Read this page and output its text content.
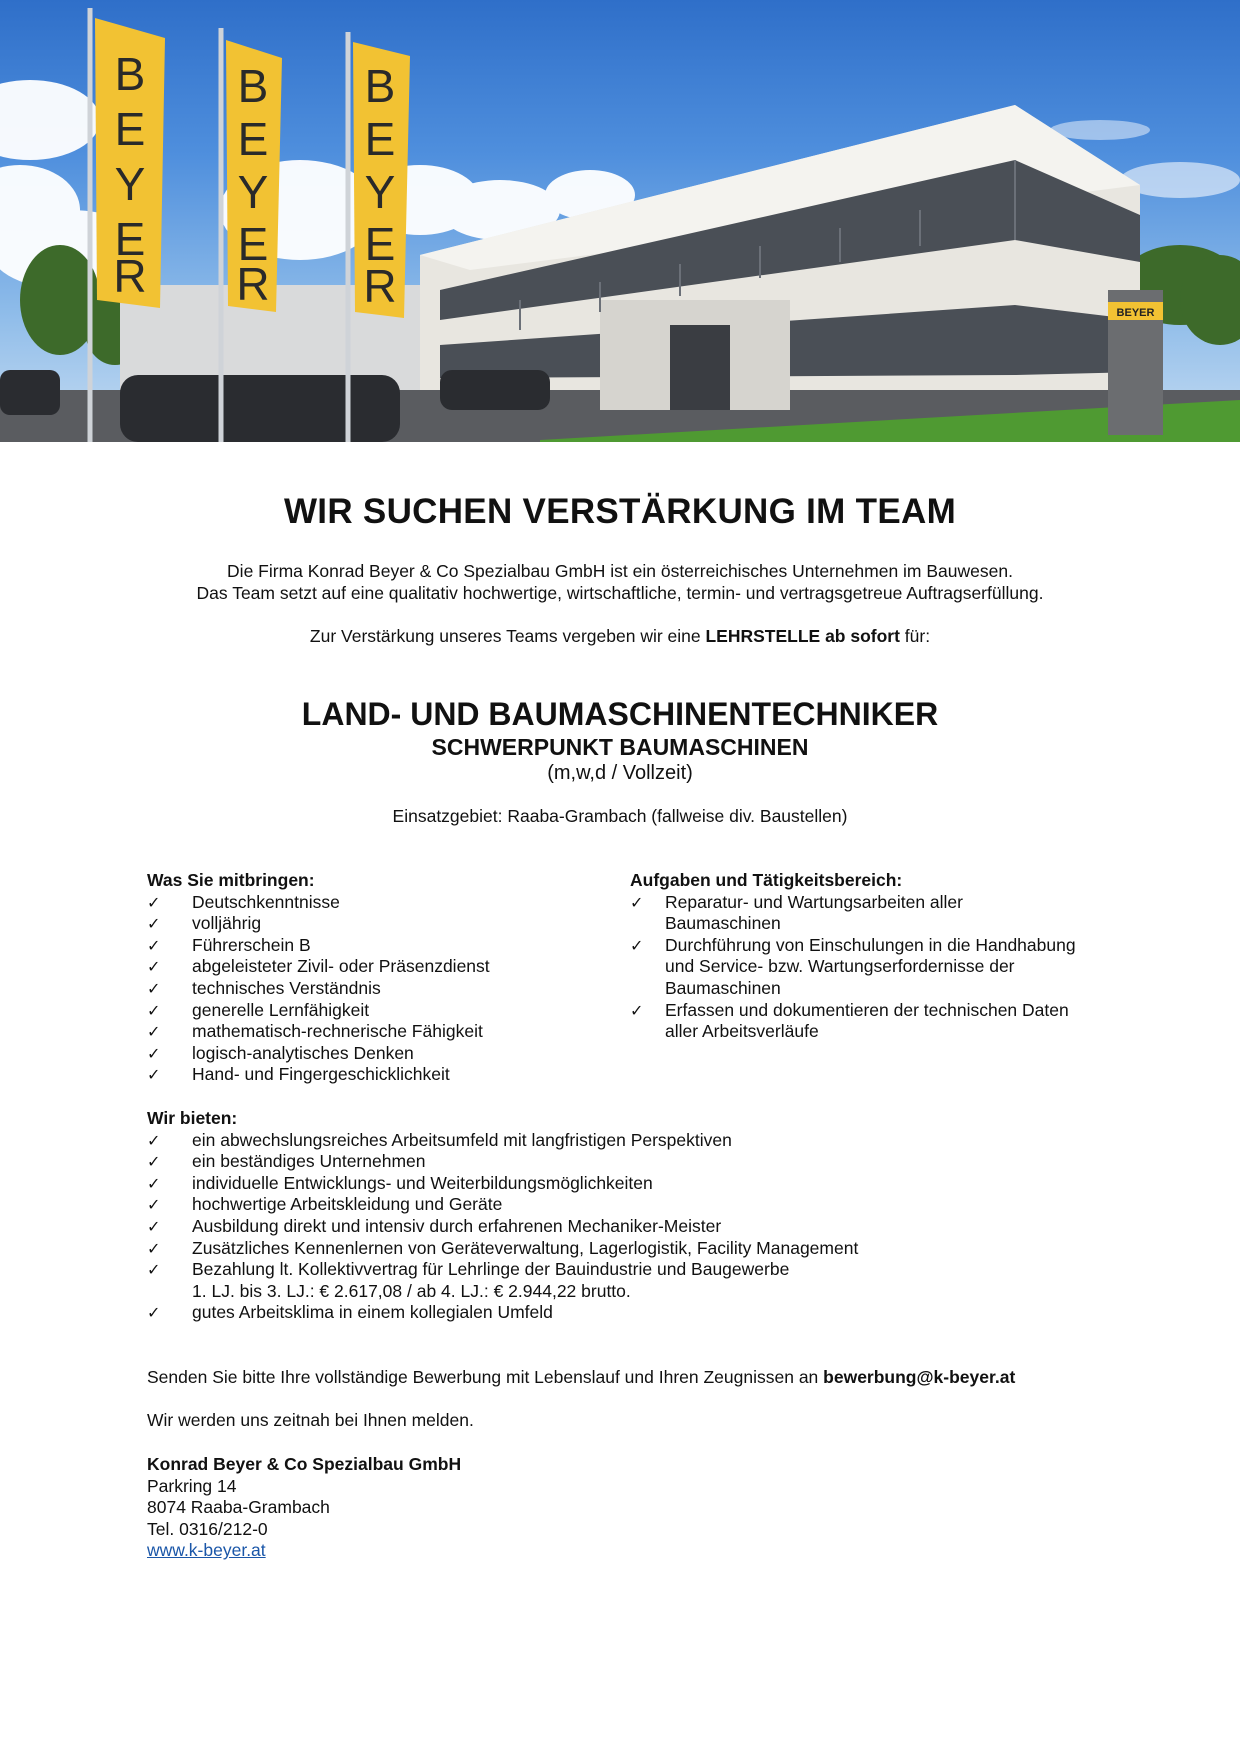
BEYER
B
E
Y
E
R
B
E
Y
E
R
B
E
Y
E
R
WIR SUCHEN VERSTÄRKUNG IM TEAM
Die Firma Konrad Beyer & Co Spezialbau GmbH ist ein österreichisches Unternehmen im Bauwesen.
Das Team setzt auf eine qualitativ hochwertige, wirtschaftliche, termin- und vertragsgetreue Auftragserfüllung.
Zur Verstärkung unseres Teams vergeben wir eine LEHRSTELLE ab sofort für:
LAND- UND BAUMASCHINENTECHNIKER
SCHWERPUNKT BAUMASCHINEN
(m,w,d / Vollzeit)
Einsatzgebiet: Raaba-Grambach (fallweise div. Baustellen)
Was Sie mitbringen:
✓	Deutschkenntnisse
✓	volljährig
✓	Führerschein B
✓	abgeleisteter Zivil- oder Präsenzdienst
✓	technisches Verständnis
✓	generelle Lernfähigkeit
✓	mathematisch-rechnerische Fähigkeit
✓	logisch-analytisches Denken
✓	Hand- und Fingergeschicklichkeit
Aufgaben und Tätigkeitsbereich:
✓	Reparatur- und Wartungsarbeiten aller Baumaschinen
✓	Durchführung von Einschulungen in die Handhabung und Service- bzw. Wartungserfordernisse der Baumaschinen
✓	Erfassen und dokumentieren der technischen Daten aller Arbeitsverläufe
Wir bieten:
✓	ein abwechslungsreiches Arbeitsumfeld mit langfristigen Perspektiven
✓	ein beständiges Unternehmen
✓	individuelle Entwicklungs- und Weiterbildungsmöglichkeiten
✓	hochwertige Arbeitskleidung und Geräte
✓	Ausbildung direkt und intensiv durch erfahrenen Mechaniker-Meister
✓	Zusätzliches Kennenlernen von Geräteverwaltung, Lagerlogistik, Facility Management
✓	Bezahlung lt. Kollektivvertrag für Lehrlinge der Bauindustrie und Baugewerbe
1. LJ. bis 3. LJ.: € 2.617,08 / ab 4. LJ.: € 2.944,22 brutto.
✓	gutes Arbeitsklima in einem kollegialen Umfeld
Senden Sie bitte Ihre vollständige Bewerbung mit Lebenslauf und Ihren Zeugnissen an bewerbung@k-beyer.at
Wir werden uns zeitnah bei Ihnen melden.
Konrad Beyer & Co Spezialbau GmbH
Parkring 14
8074 Raaba-Grambach
Tel. 0316/212-0
www.k-beyer.at
